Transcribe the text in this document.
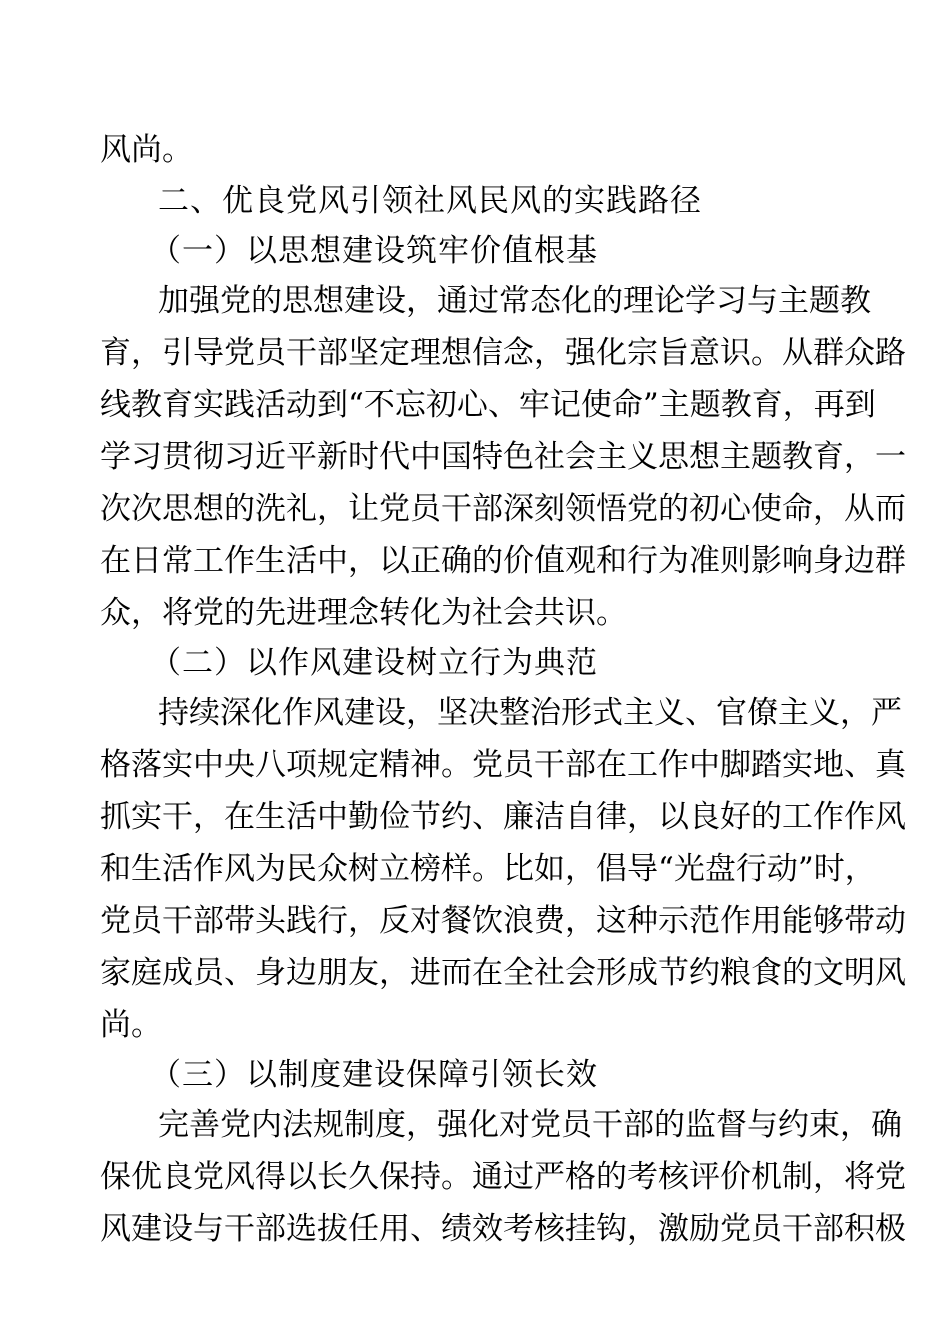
风尚。
二、优良党风引领社风民风的实践路径
（一）以思想建设筑牢价值根基
加强党的思想建设，通过常态化的理论学习与主题教
育，引导党员干部坚定理想信念，强化宗旨意识。从群众路
线教育实践活动到“不忘初心、牢记使命”主题教育，再到
学习贯彻习近平新时代中国特色社会主义思想主题教育，一
次次思想的洗礼，让党员干部深刻领悟党的初心使命，从而
在日常工作生活中，以正确的价值观和行为准则影响身边群
众，将党的先进理念转化为社会共识。
（二）以作风建设树立行为典范
持续深化作风建设，坚决整治形式主义、官僚主义，严
格落实中央八项规定精神。党员干部在工作中脚踏实地、真
抓实干，在生活中勤俭节约、廉洁自律，以良好的工作作风
和生活作风为民众树立榜样。比如，倡导“光盘行动”时，
党员干部带头践行，反对餐饮浪费，这种示范作用能够带动
家庭成员、身边朋友，进而在全社会形成节约粮食的文明风
尚。
（三）以制度建设保障引领长效
完善党内法规制度，强化对党员干部的监督与约束，确
保优良党风得以长久保持。通过严格的考核评价机制，将党
风建设与干部选拔任用、绩效考核挂钩，激励党员干部积极
